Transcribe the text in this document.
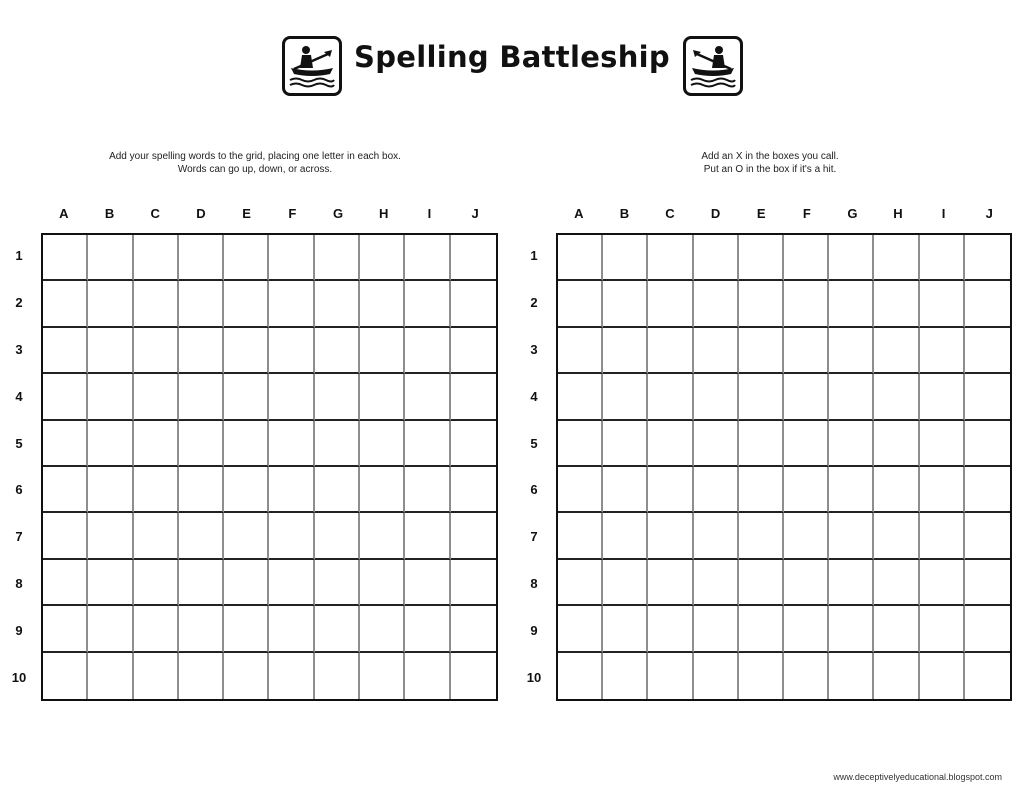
Spelling Battleship
Add your spelling words to the grid, placing one letter in each box.
Words can go up, down, or across.
Add an X in the boxes you call.
Put an O in the box if it's a hit.
A	B	C	D	E	F	G	H	I	J
1
2
3
4
5
6
7
8
9
10
A	B	C	D	E	F	G	H	I	J
1
2
3
4
5
6
7
8
9
10
www.deceptivelyeducational.blogspot.com
